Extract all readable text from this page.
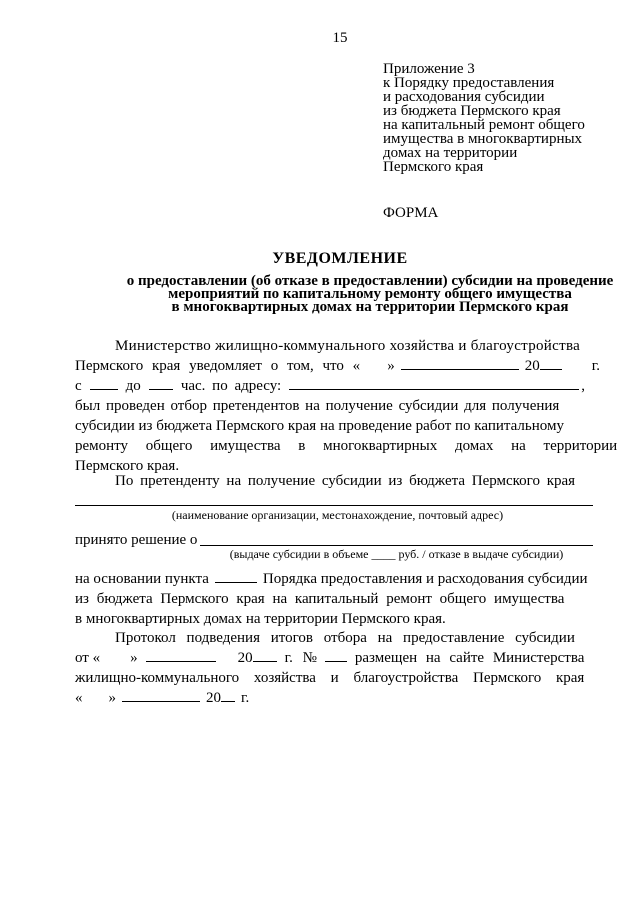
15
Приложение 3
к Порядку предоставления
и расходования субсидии
из бюджета Пермского края
на капитальный ремонт общего
имущества в многоквартирных
домах на территории
Пермского края
ФОРМА
УВЕДОМЛЕНИЕ
о предоставлении (об отказе в предоставлении) субсидии на проведение
мероприятий по капитальному ремонту общего имущества
в многоквартирных домах на территории Пермского края
Министерство жилищно-коммунального хозяйства и благоустройства
Пермского края уведомляет о том, что « »	20	г.
с	до	час. по адресу:	,
был проведен отбор претендентов на получение субсидии для получения
субсидии из бюджета Пермского края на проведение работ по капитальному
ремонту общего имущества в многоквартирных домах на территории
Пермского края.
По претенденту на получение субсидии из бюджета Пермского края
(наименование организации, местонахождение, почтовый адрес)
принято решение о
(выдаче субсидии в объеме ____ руб. / отказе в выдаче субсидии)
на основании пункта	Порядка предоставления и расходования субсидии
из бюджета Пермского края на капитальный ремонт общего имущества
в многоквартирных домах на территории Пермского края.
Протокол подведения итогов отбора на предоставление субсидии
от « »	20 г. №	размещен на сайте Министерства
жилищно-коммунального хозяйства и благоустройства Пермского края
« »	20 г.
